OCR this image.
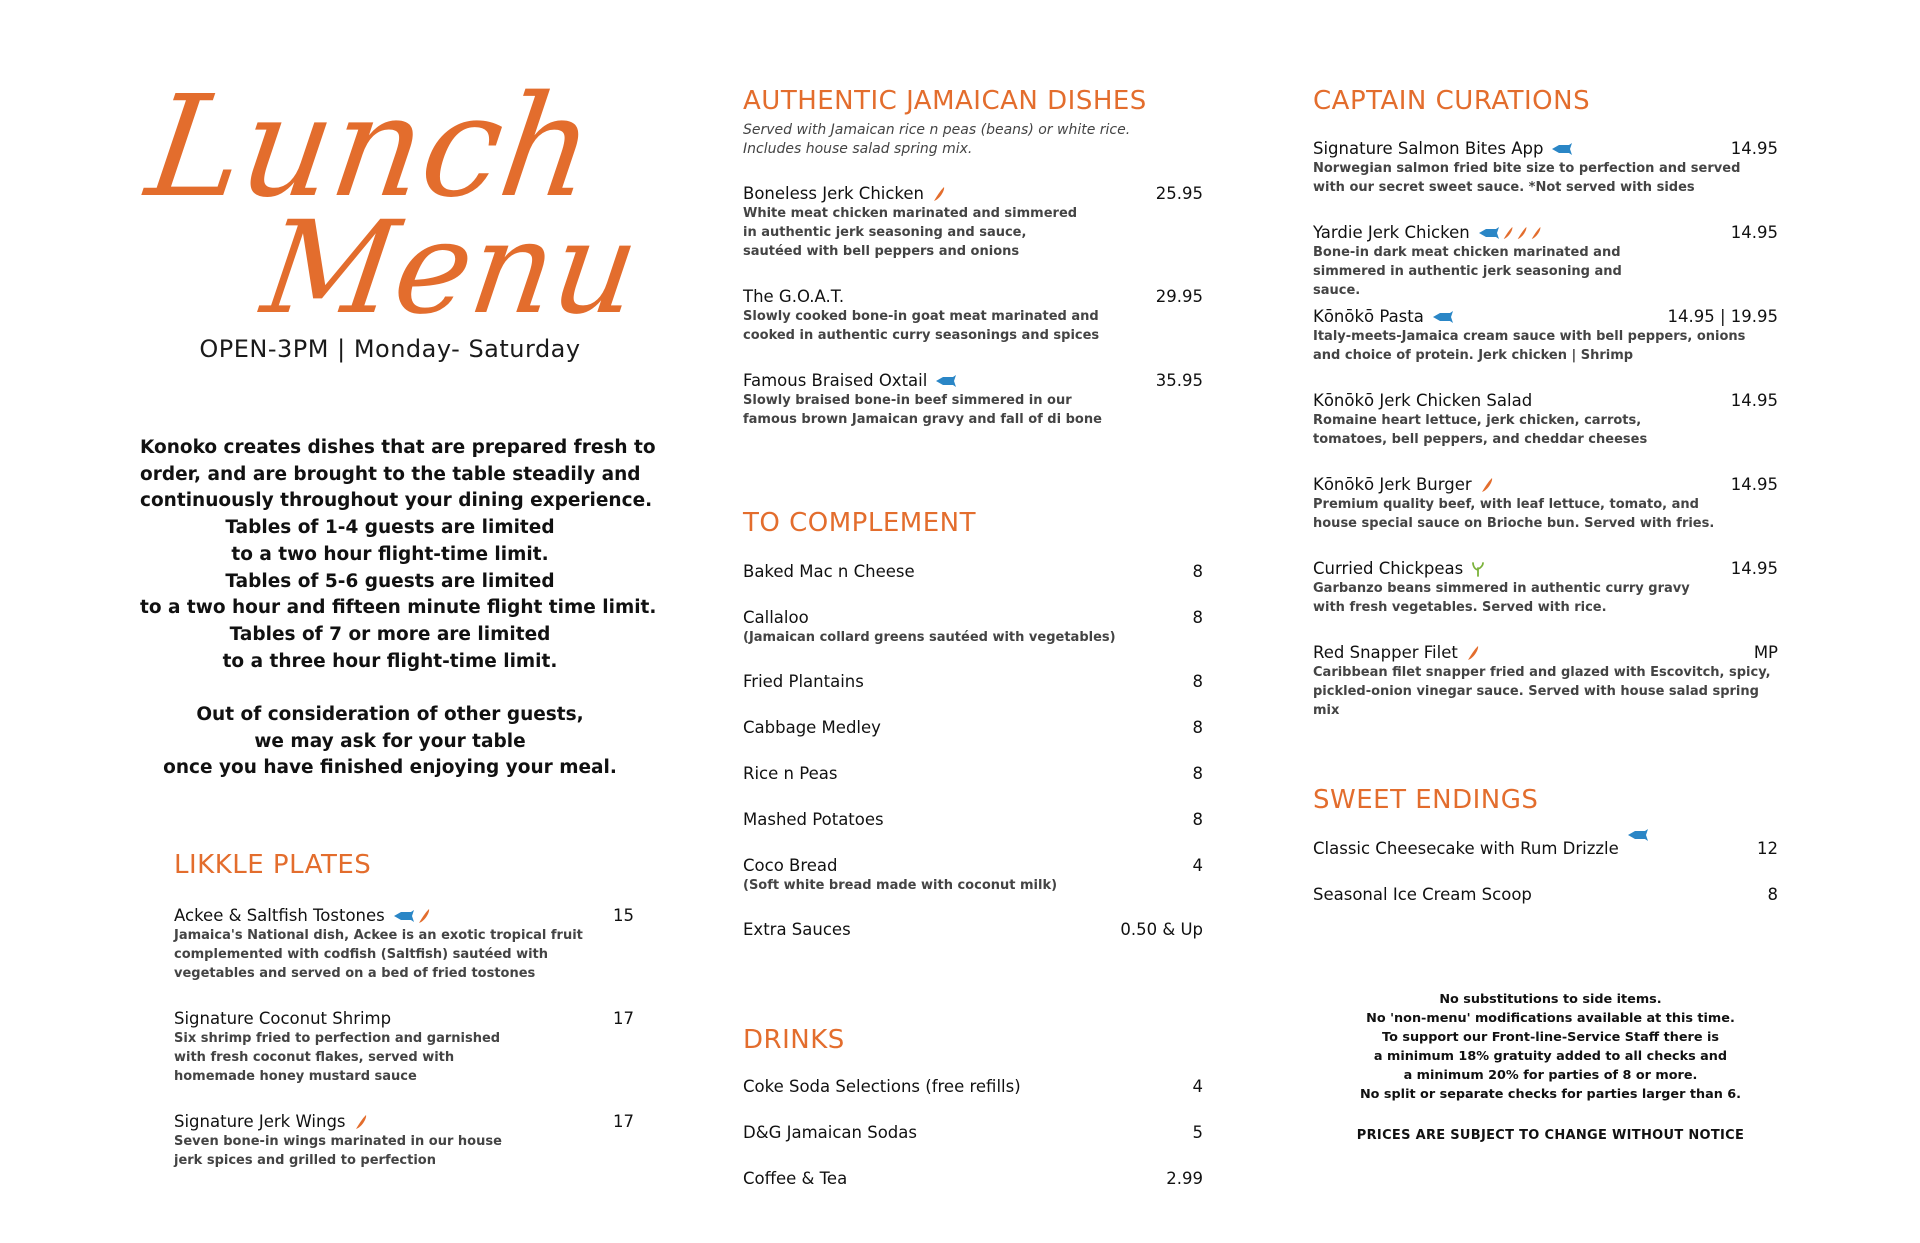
Lunch
Menu
OPEN-3PM | Monday- Saturday
Konoko creates dishes that are prepared fresh to
order, and are brought to the table steadily and
continuously throughout your dining experience.
Tables of 1-4 guests are limited
to a two hour flight-time limit.
Tables of 5-6 guests are limited
to a two hour and fifteen minute flight time limit.
Tables of 7 or more are limited
to a three hour flight-time limit.
Out of consideration of other guests,
we may ask for your table
once you have finished enjoying your meal.
LIKKLE PLATES
Ackee & Saltfish Tostones	15
Jamaica's National dish, Ackee is an exotic tropical fruit complemented with codfish (Saltfish) sautéed with vegetables and served on a bed of fried tostones
Signature Coconut Shrimp	17
Six shrimp fried to perfection and garnished with fresh coconut flakes, served with homemade honey mustard sauce
Signature Jerk Wings	17
Seven bone-in wings marinated in our house jerk spices and grilled to perfection
AUTHENTIC JAMAICAN DISHES
Served with Jamaican rice n peas (beans) or white rice.
Includes house salad spring mix.
Boneless Jerk Chicken	25.95
White meat chicken marinated and simmered in authentic jerk seasoning and sauce, sautéed with bell peppers and onions
The G.O.A.T.	29.95
Slowly cooked bone-in goat meat marinated and cooked in authentic curry seasonings and spices
Famous Braised Oxtail	35.95
Slowly braised bone-in beef simmered in our famous brown Jamaican gravy and fall of di bone
TO COMPLEMENT
Baked Mac n Cheese	8
Callaloo	8
(Jamaican collard greens sautéed with vegetables)
Fried Plantains	8
Cabbage Medley	8
Rice n Peas	8
Mashed Potatoes	8
Coco Bread	4
(Soft white bread made with coconut milk)
Extra Sauces	0.50 & Up
DRINKS
Coke Soda Selections (free refills)	4
D&G Jamaican Sodas	5
Coffee & Tea	2.99
CAPTAIN CURATIONS
Signature Salmon Bites App	14.95
Norwegian salmon fried bite size to perfection and served with our secret sweet sauce. *Not served with sides
Yardie Jerk Chicken	14.95
Bone-in dark meat chicken marinated and simmered in authentic jerk seasoning and sauce.
Kōnōkō Pasta	14.95 | 19.95
Italy-meets-Jamaica cream sauce with bell peppers, onions and choice of protein. Jerk chicken | Shrimp
Kōnōkō Jerk Chicken Salad	14.95
Romaine heart lettuce, jerk chicken, carrots, tomatoes, bell peppers, and cheddar cheeses
Kōnōkō Jerk Burger	14.95
Premium quality beef, with leaf lettuce, tomato, and house special sauce on Brioche bun. Served with fries.
Curried Chickpeas	14.95
Garbanzo beans simmered in authentic curry gravy with fresh vegetables. Served with rice.
Red Snapper Filet	MP
Caribbean filet snapper fried and glazed with Escovitch, spicy, pickled-onion vinegar sauce. Served with house salad spring mix
SWEET ENDINGS
Classic Cheesecake with Rum Drizzle	12
Seasonal Ice Cream Scoop	8
No substitutions to side items.
No 'non-menu' modifications available at this time.
To support our Front-line-Service Staff there is
a minimum 18% gratuity added to all checks and
a minimum 20% for parties of 8 or more.
No split or separate checks for parties larger than 6.
PRICES ARE SUBJECT TO CHANGE WITHOUT NOTICE
